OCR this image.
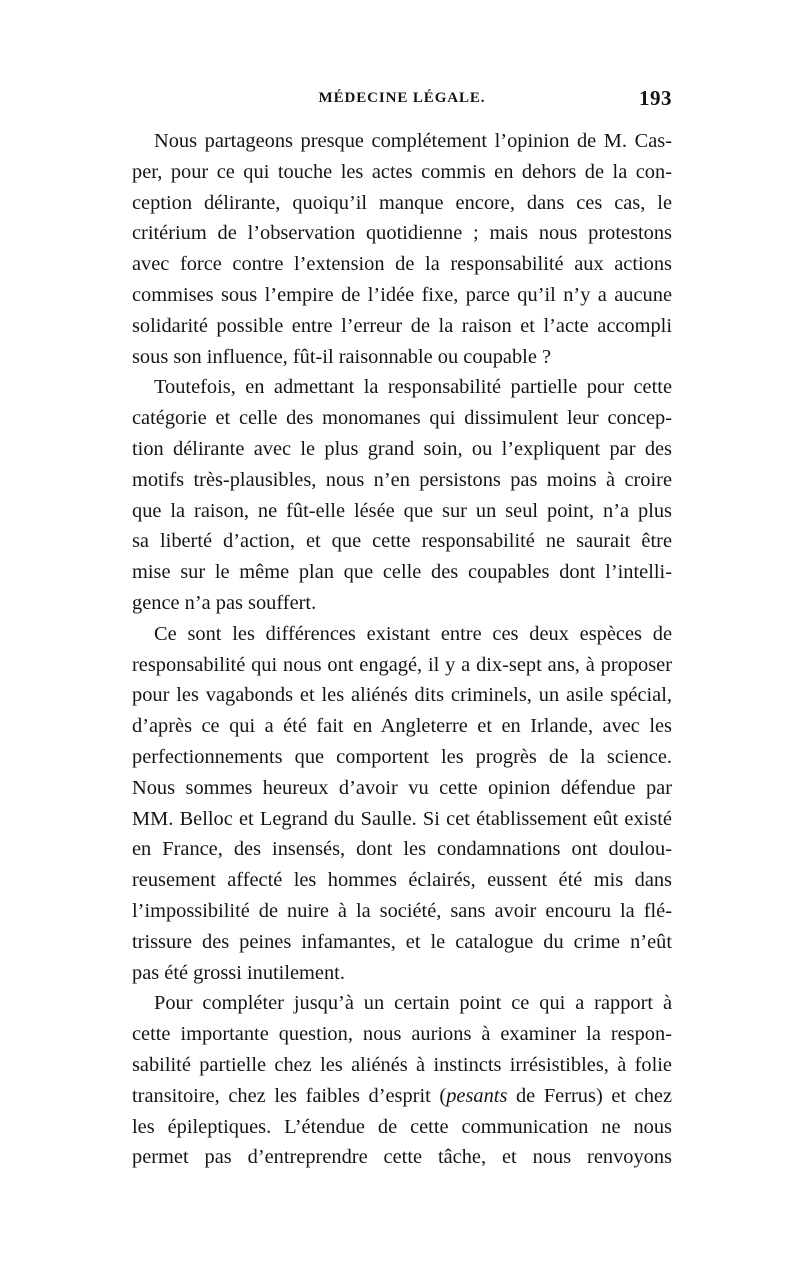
MÉDECINE LÉGALE.	193
Nous partageons presque complétement l’opinion de M. Cas-
per, pour ce qui touche les actes commis en dehors de la con-
ception délirante, quoiqu’il manque encore, dans ces cas, le
critérium de l’observation quotidienne ; mais nous protestons
avec force contre l’extension de la responsabilité aux actions
commises sous l’empire de l’idée fixe, parce qu’il n’y a aucune
solidarité possible entre l’erreur de la raison et l’acte accompli
sous son influence, fût-il raisonnable ou coupable ?
Toutefois, en admettant la responsabilité partielle pour cette
catégorie et celle des monomanes qui dissimulent leur concep-
tion délirante avec le plus grand soin, ou l’expliquent par des
motifs très-plausibles, nous n’en persistons pas moins à croire
que la raison, ne fût-elle lésée que sur un seul point, n’a plus
sa liberté d’action, et que cette responsabilité ne saurait être
mise sur le même plan que celle des coupables dont l’intelli-
gence n’a pas souffert.
Ce sont les différences existant entre ces deux espèces de
responsabilité qui nous ont engagé, il y a dix-sept ans, à proposer
pour les vagabonds et les aliénés dits criminels, un asile spécial,
d’après ce qui a été fait en Angleterre et en Irlande, avec les
perfectionnements que comportent les progrès de la science.
Nous sommes heureux d’avoir vu cette opinion défendue par
MM. Belloc et Legrand du Saulle. Si cet établissement eût existé
en France, des insensés, dont les condamnations ont doulou-
reusement affecté les hommes éclairés, eussent été mis dans
l’impossibilité de nuire à la société, sans avoir encouru la flé-
trissure des peines infamantes, et le catalogue du crime n’eût
pas été grossi inutilement.
Pour compléter jusqu’à un certain point ce qui a rapport à
cette importante question, nous aurions à examiner la respon-
sabilité partielle chez les aliénés à instincts irrésistibles, à folie
transitoire, chez les faibles d’esprit (pesants de Ferrus) et chez
les épileptiques. L’étendue de cette communication ne nous
permet pas d’entreprendre cette tâche, et nous renvoyons
